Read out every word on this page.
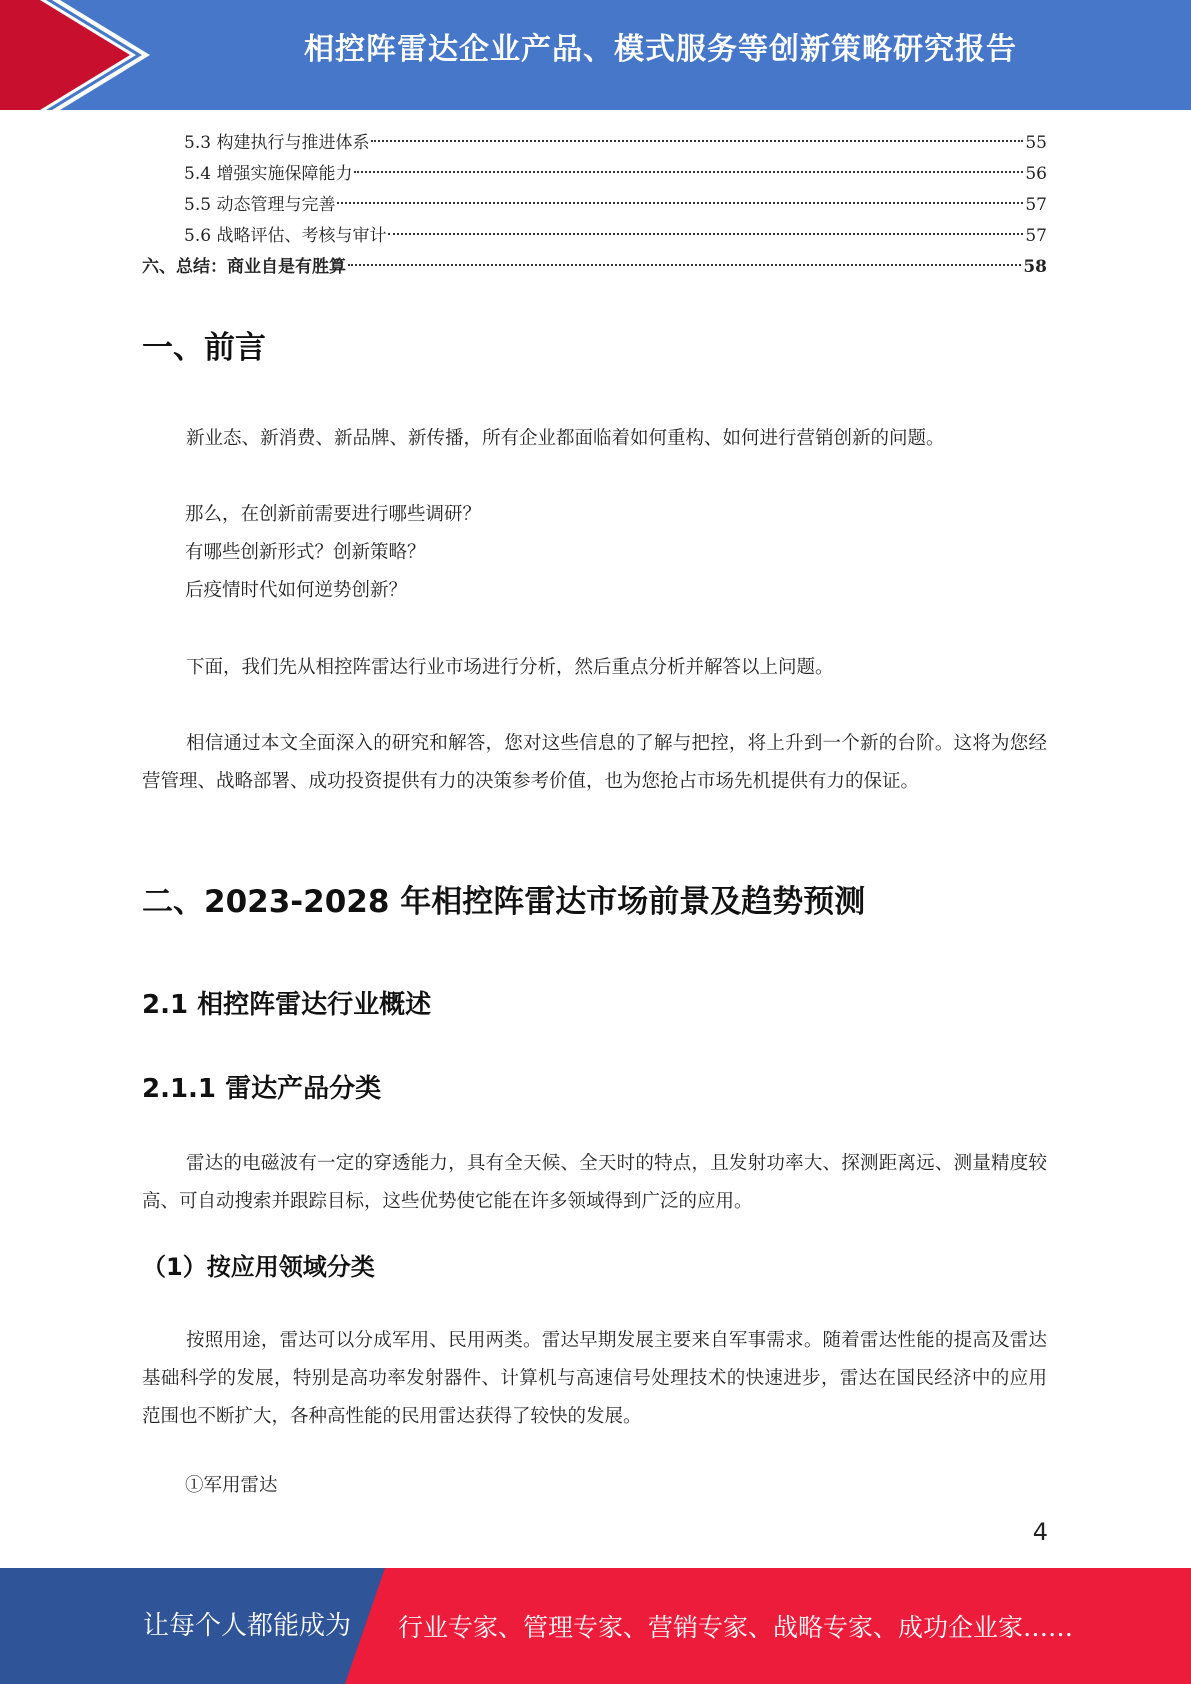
相控阵雷达企业产品、模式服务等创新策略研究报告
5.3 构建执行与推进体系	55
5.4 增强实施保障能力	56
5.5 动态管理与完善	57
5.6 战略评估、考核与审计	57
六、总结：商业自是有胜算	58
一、前言
新业态、新消费、新品牌、新传播，所有企业都面临着如何重构、如何进行营销创新的问题。
那么，在创新前需要进行哪些调研？
有哪些创新形式？创新策略？
后疫情时代如何逆势创新？
下面，我们先从相控阵雷达行业市场进行分析，然后重点分析并解答以上问题。
相信通过本文全面深入的研究和解答，您对这些信息的了解与把控，将上升到一个新的台阶。这将为您经营管理、战略部署、成功投资提供有力的决策参考价值，也为您抢占市场先机提供有力的保证。
二、2023-2028 年相控阵雷达市场前景及趋势预测
2.1 相控阵雷达行业概述
2.1.1 雷达产品分类
雷达的电磁波有一定的穿透能力，具有全天候、全天时的特点，且发射功率大、探测距离远、测量精度较高、可自动搜索并跟踪目标，这些优势使它能在许多领域得到广泛的应用。
（1）按应用领域分类
按照用途，雷达可以分成军用、民用两类。雷达早期发展主要来自军事需求。随着雷达性能的提高及雷达基础科学的发展，特别是高功率发射器件、计算机与高速信号处理技术的快速进步，雷达在国民经济中的应用范围也不断扩大，各种高性能的民用雷达获得了较快的发展。
①军用雷达
4
让每个人都能成为 行业专家、管理专家、营销专家、战略专家、成功企业家……
